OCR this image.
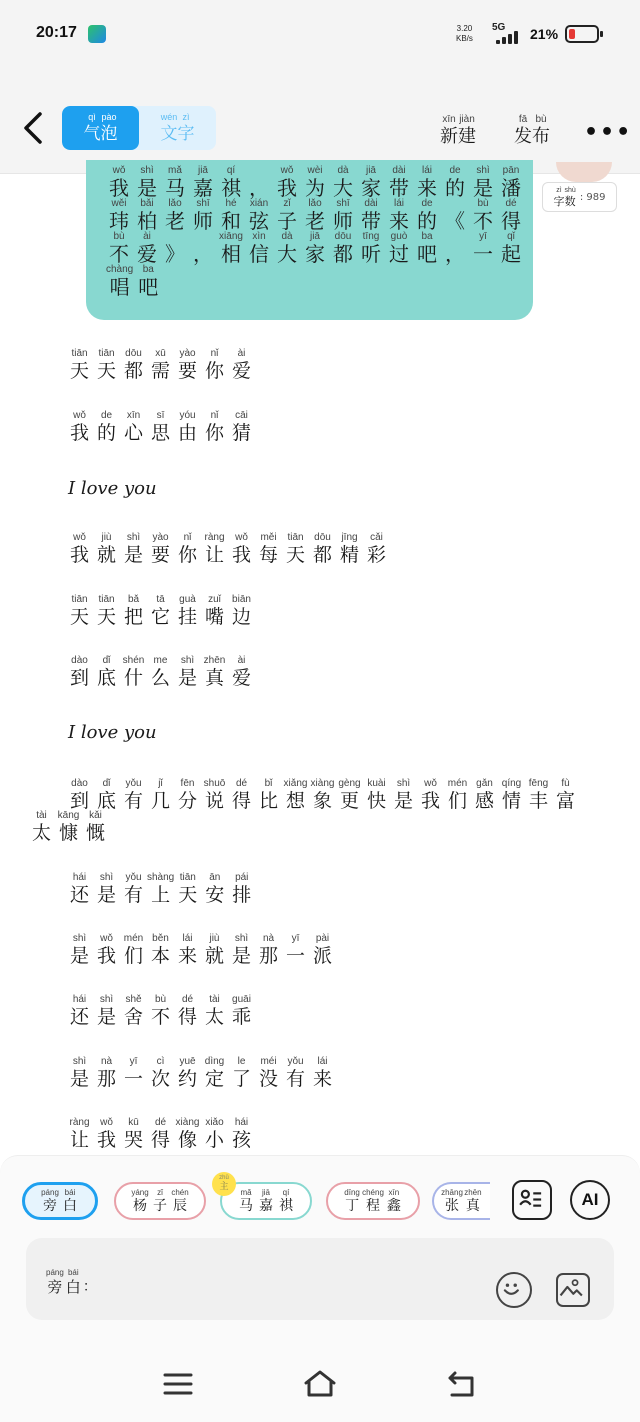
20:17	3.20
KB/s
5G 21%
qì
气
pào
泡
wén
文
zì
字
xīn
新
jiàn
建
fā
发
bù
布 •••
zì
字
shù
数 : 989
wǒ
我
shì
是
mǎ
马
jiā
嘉
qí
祺 ，
wǒ
我
wèi
为
dà
大
jiā
家
dài
带
lái
来
de
的
shì
是
pān
潘
wěi
玮
bǎi
柏
lǎo
老
shī
师
hé
和
xián
弦
zǐ
子
lǎo
老
shī
师
dài
带
lái
来
de
的 《
bù
不
dé
得
bù
不
ài
爱 》 ，
xiāng
相
xìn
信
dà
大
jiā
家
dōu
都
tīng
听
guò
过
ba
吧 ，
yī
一
qǐ
起
chàng
唱
ba
吧
tiān
天
tiān
天
dōu
都
xū
需
yào
要
nǐ
你
ài
爱
wǒ
我
de
的
xīn
心
sī
思
yóu
由
nǐ
你
cāi
猜
I love you
wǒ
我
jiù
就
shì
是
yào
要
nǐ
你
ràng
让
wǒ
我
měi
每
tiān
天
dōu
都
jīng
精
cǎi
彩
tiān
天
tiān
天
bǎ
把
tā
它
guà
挂
zuǐ
嘴
biān
边
dào
到
dǐ
底
shén
什
me
么
shì
是
zhēn
真
ài
爱
I love you
dào
到
dǐ
底
yǒu
有
jǐ
几
fēn
分
shuō
说
dé
得
bǐ
比
xiǎng
想
xiàng
象
gèng
更
kuài
快
shì
是
wǒ
我
mén
们
gǎn
感
qíng
情
fēng
丰
fù
富
tài
太
kāng
慷
kǎi
慨
hái
还
shì
是
yǒu
有
shàng
上
tiān
天
ān
安
pái
排
shì
是
wǒ
我
mén
们
běn
本
lái
来
jiù
就
shì
是
nà
那
yī
一
pài
派
hái
还
shì
是
shě
舍
bù
不
dé
得
tài
太
guāi
乖
shì
是
nà
那
yī
一
cì
次
yuē
约
dìng
定
le
了
méi
没
yǒu
有
lái
来
ràng
让
wǒ
我
kū
哭
dé
得
xiàng
像
xiǎo
小
hái
孩
páng
旁
bái
白
yáng
杨
zǐ
子
chén
辰
mǎ
马
jiā
嘉
qí
祺
zhǔ
主	dīng
丁
chéng
程
xīn
鑫
zhāng
张
zhēn
真	AI
páng
旁
bái
白 ：
